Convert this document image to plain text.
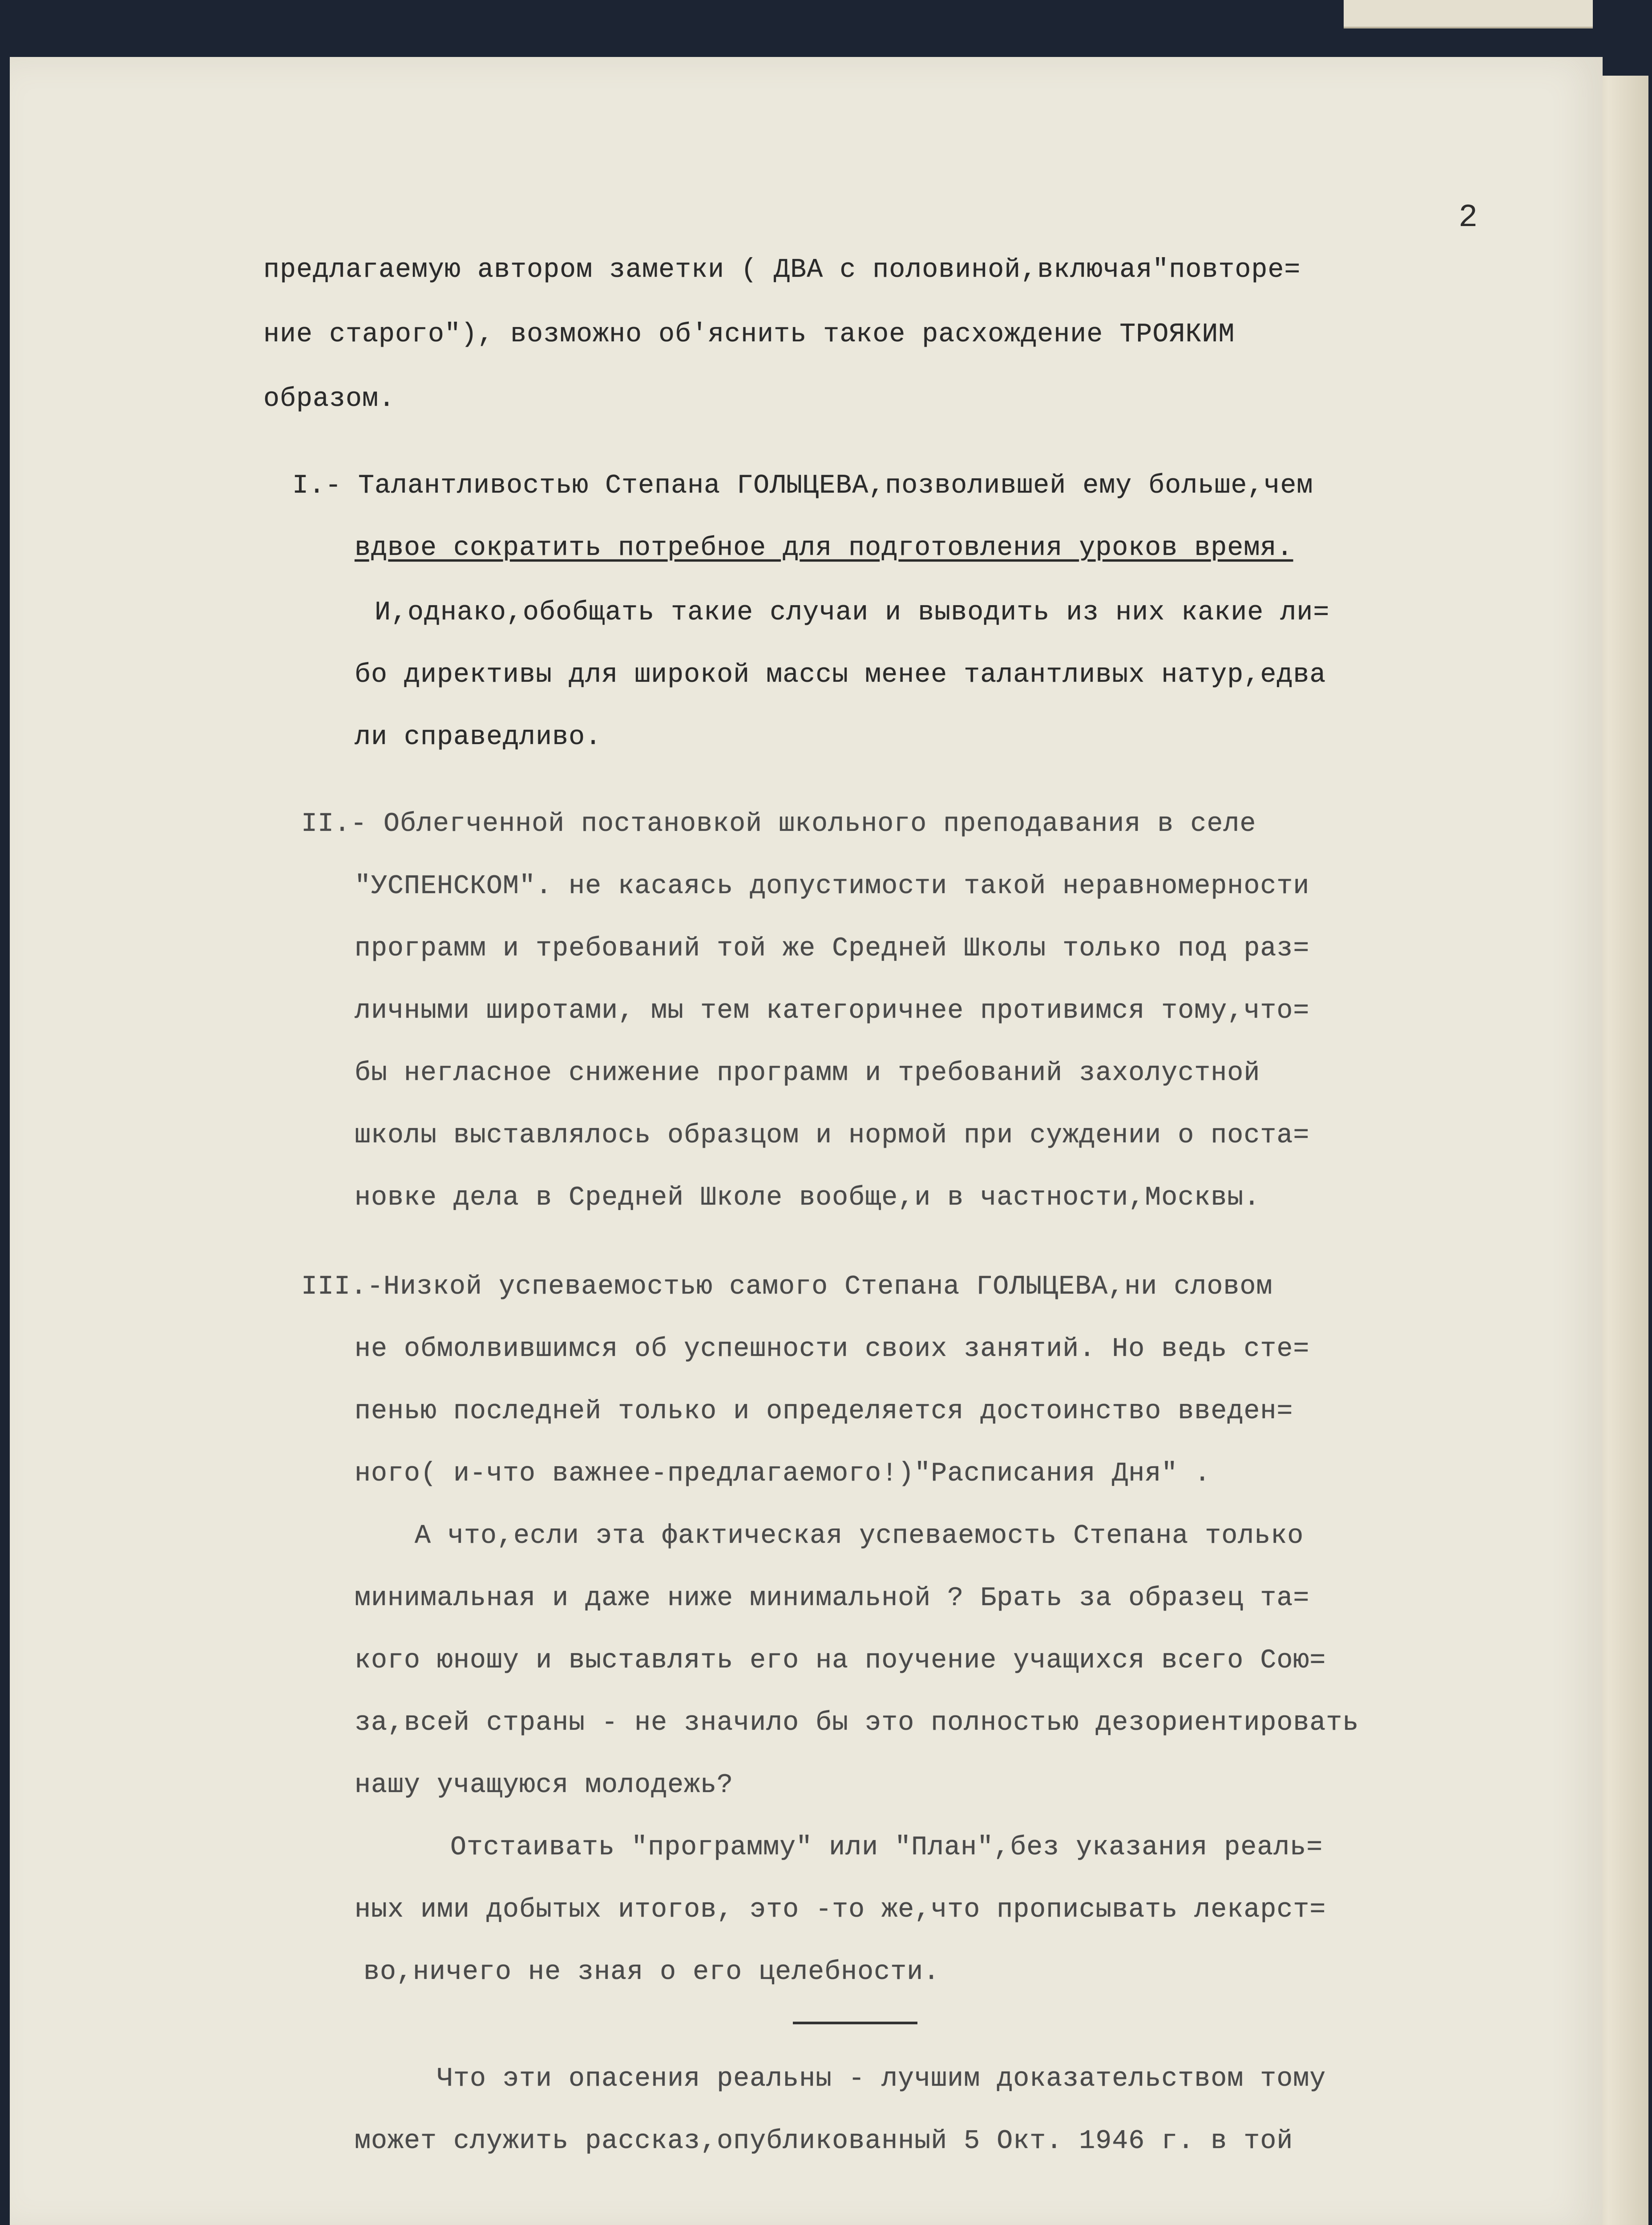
2
предлагаемую автором заметки ( ДВА с половиной,включая"повторе=
ние старого"), возможно об'яснить такое расхождение ТРОЯКИМ
образом.
I.- Талантливостью Степана ГОЛЫЦЕВА,позволившей ему больше,чем
вдвое сократить потребное для подготовления уроков время.
И,однако,обобщать такие случаи и выводить из них какие ли=
бо директивы для широкой массы менее талантливых натур,едва
ли справедливо.
II.- Облегченной постановкой школьного преподавания в селе
"УСПЕНСКОМ". не касаясь допустимости такой неравномерности
программ и требований той же Средней Школы только под раз=
личными широтами, мы тем категоричнее противимся тому,что=
бы негласное снижение программ и требований захолустной
школы выставлялось образцом и нормой при суждении о поста=
новке дела в Средней Школе вообще,и в частности,Москвы.
III.-Низкой успеваемостью самого Степана ГОЛЫЦЕВА,ни словом
не обмолвившимся об успешности своих занятий. Но ведь сте=
пенью последней только и определяется достоинство введен=
ного( и-что важнее-предлагаемого!)"Расписания Дня" .
А что,если эта фактическая успеваемость Степана только
минимальная и даже ниже минимальной ? Брать за образец та=
кого юношу и выставлять его на поучение учащихся всего Сою=
за,всей страны - не значило бы это полностью дезориентировать
нашу учащуюся молодежь?
Отстаивать "программу" или "План",без указания реаль=
ных ими добытых итогов, это -то же,что прописывать лекарст=
во,ничего не зная о его целебности.
Что эти опасения реальны - лучшим доказательством тому
может служить рассказ,опубликованный 5 Окт. 1946 г. в той
